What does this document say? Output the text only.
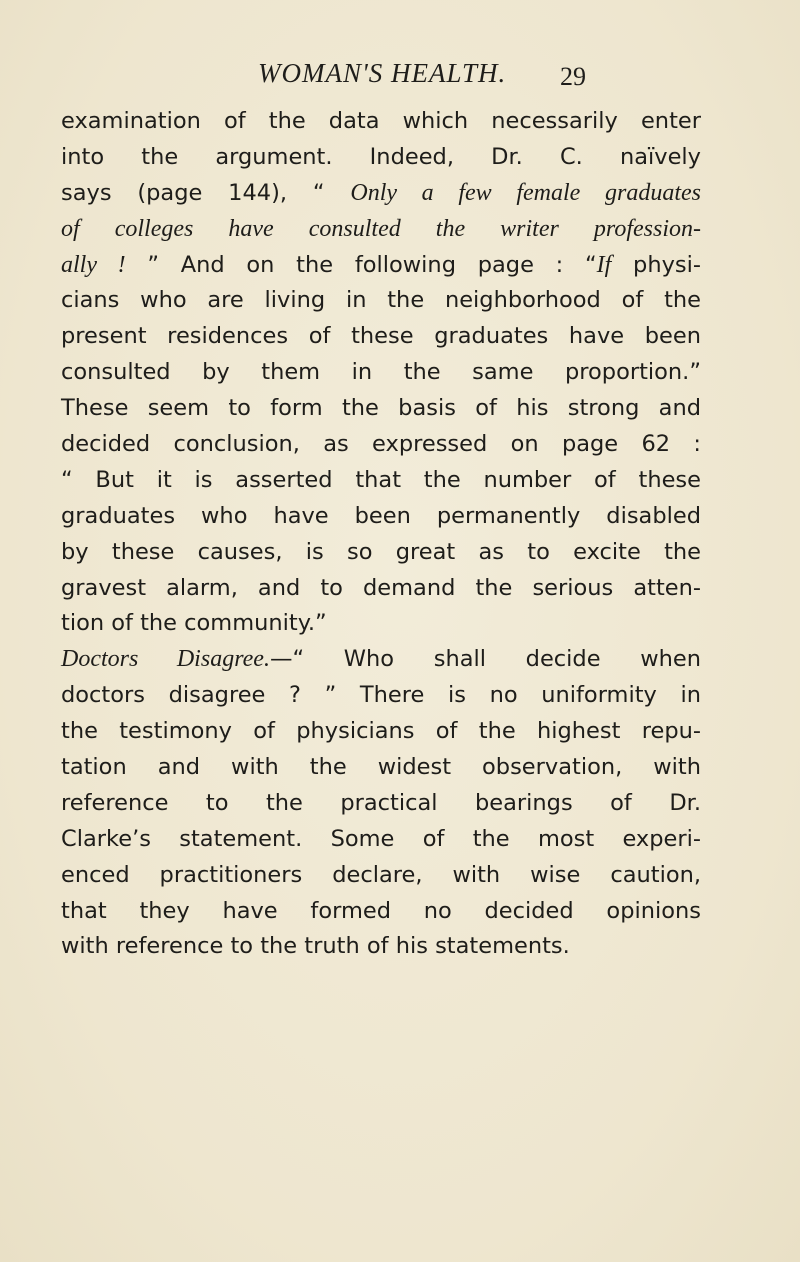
WOMAN'S HEALTH. 29
examination of the data which necessarily enter
into the argument. Indeed, Dr. C. naïvely
says (page 144), “ Only a few female graduates
of colleges have consulted the writer profession-
ally ! ” And on the following page : “If physi-
cians who are living in the neighborhood of the
present residences of these graduates have been
consulted by them in the same proportion.”
These seem to form the basis of his strong and
decided conclusion, as expressed on page 62 :
“ But it is asserted that the number of these
graduates who have been permanently disabled
by these causes, is so great as to excite the
gravest alarm, and to demand the serious atten-
tion of the community.”
Doctors Disagree.—“ Who shall decide when
doctors disagree ? ” There is no uniformity in
the testimony of physicians of the highest repu-
tation and with the widest observation, with
reference to the practical bearings of Dr.
Clarke’s statement. Some of the most experi-
enced practitioners declare, with wise caution,
that they have formed no decided opinions
with reference to the truth of his statements.
